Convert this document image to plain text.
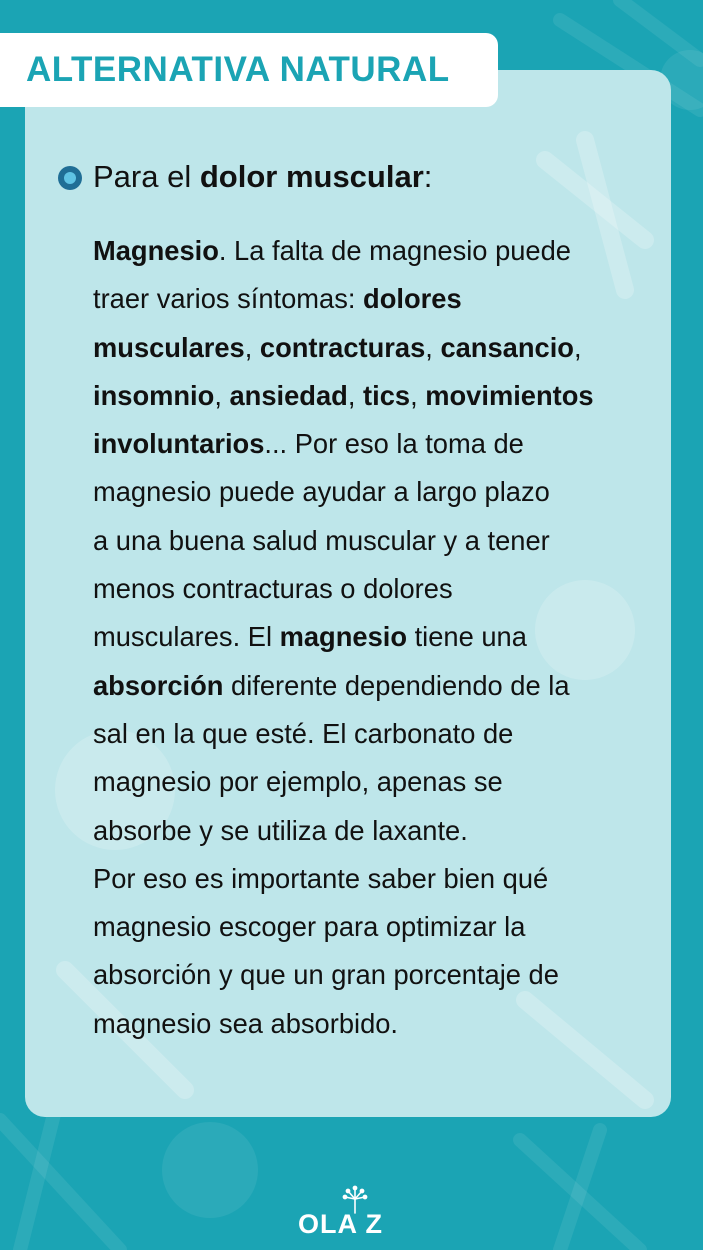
ALTERNATIVA NATURAL
Para el dolor muscular:
Magnesio. La falta de magnesio puede
traer varios síntomas: dolores
musculares, contracturas, cansancio,
insomnio, ansiedad, tics, movimientos
involuntarios... Por eso la toma de
magnesio puede ayudar a largo plazo
a una buena salud muscular y a tener
menos contracturas o dolores
musculares. El magnesio tiene una
absorción diferente dependiendo de la
sal en la que esté. El carbonato de
magnesio por ejemplo, apenas se
absorbe y se utiliza de laxante.
Por eso es importante saber bien qué
magnesio escoger para optimizar la
absorción y que un gran porcentaje de
magnesio sea absorbido.
OLA Z
